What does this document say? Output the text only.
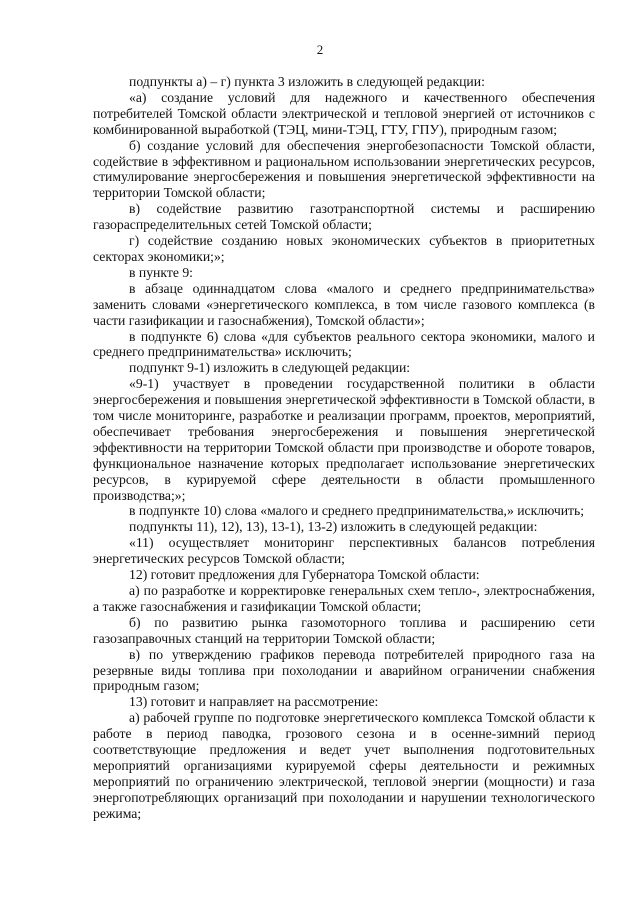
2

подпункты а) – г) пункта 3 изложить в следующей редакции:

«а) создание условий для надежного и качественного обеспечения потребителей Томской области электрической и тепловой энергией от источников с комбинированной выработкой (ТЭЦ, мини-ТЭЦ, ГТУ, ГПУ), природным газом;

б) создание условий для обеспечения энергобезопасности Томской области, содействие в эффективном и рациональном использовании энергетических ресурсов, стимулирование энергосбережения и повышения энергетической эффективности на территории Томской области;

в) содействие развитию газотранспортной системы и расширению газораспределительных сетей Томской области;

г) содействие созданию новых экономических субъектов в приоритетных секторах экономики;»;

в пункте 9:

в абзаце одиннадцатом слова «малого и среднего предпринимательства» заменить словами «энергетического комплекса, в том числе газового комплекса (в части газификации и газоснабжения), Томской области»;

в подпункте 6) слова «для субъектов реального сектора экономики, малого и среднего предпринимательства» исключить;

подпункт 9-1) изложить в следующей редакции:

«9-1) участвует в проведении государственной политики в области энергосбережения и повышения энергетической эффективности в Томской области, в том числе мониторинге, разработке и реализации программ, проектов, мероприятий, обеспечивает требования энергосбережения и повышения энергетической эффективности на территории Томской области при производстве и обороте товаров, функциональное назначение которых предполагает использование энергетических ресурсов, в курируемой сфере деятельности в области промышленного производства;»;

в подпункте 10) слова «малого и среднего предпринимательства,» исключить;

подпункты 11), 12), 13), 13-1), 13-2) изложить в следующей редакции:

«11) осуществляет мониторинг перспективных балансов потребления энергетических ресурсов Томской области;

12) готовит предложения для Губернатора Томской области:

а) по разработке и корректировке генеральных схем тепло-, электроснабжения, а также газоснабжения и газификации Томской области;

б) по развитию рынка газомоторного топлива и расширению сети газозаправочных станций на территории Томской области;

в) по утверждению графиков перевода потребителей природного газа на резервные виды топлива при похолодании и аварийном ограничении снабжения природным газом;

13) готовит и направляет на рассмотрение:

а) рабочей группе по подготовке энергетического комплекса Томской области к работе в период паводка, грозового сезона и в осенне-зимний период соответствующие предложения и ведет учет выполнения подготовительных мероприятий организациями курируемой сферы деятельности и режимных мероприятий по ограничению электрической, тепловой энергии (мощности) и газа энергопотребляющих организаций при похолодании и нарушении технологического режима;
